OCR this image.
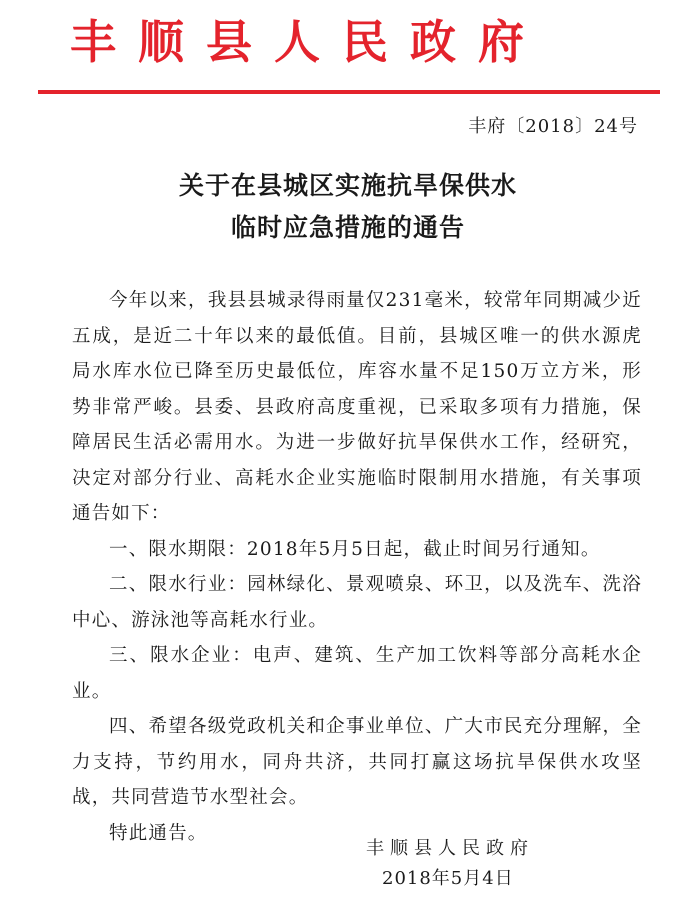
丰顺县人民政府
丰府〔2018〕24号
关于在县城区实施抗旱保供水
临时应急措施的通告

今年以来，我县县城录得雨量仅231毫米，较常年同期减少近五成，是近二十年以来的最低值。目前，县城区唯一的供水源虎局水库水位已降至历史最低位，库容水量不足150万立方米，形势非常严峻。县委、县政府高度重视，已采取多项有力措施，保障居民生活必需用水。为进一步做好抗旱保供水工作，经研究，决定对部分行业、高耗水企业实施临时限制用水措施，有关事项通告如下：

一、限水期限：2018年5月5日起，截止时间另行通知。

二、限水行业：园林绿化、景观喷泉、环卫，以及洗车、洗浴中心、游泳池等高耗水行业。

三、限水企业：电声、建筑、生产加工饮料等部分高耗水企业。

四、希望各级党政机关和企事业单位、广大市民充分理解，全力支持，节约用水，同舟共济，共同打赢这场抗旱保供水攻坚战，共同营造节水型社会。

特此通告。

丰顺县人民政府
2018年5月4日
